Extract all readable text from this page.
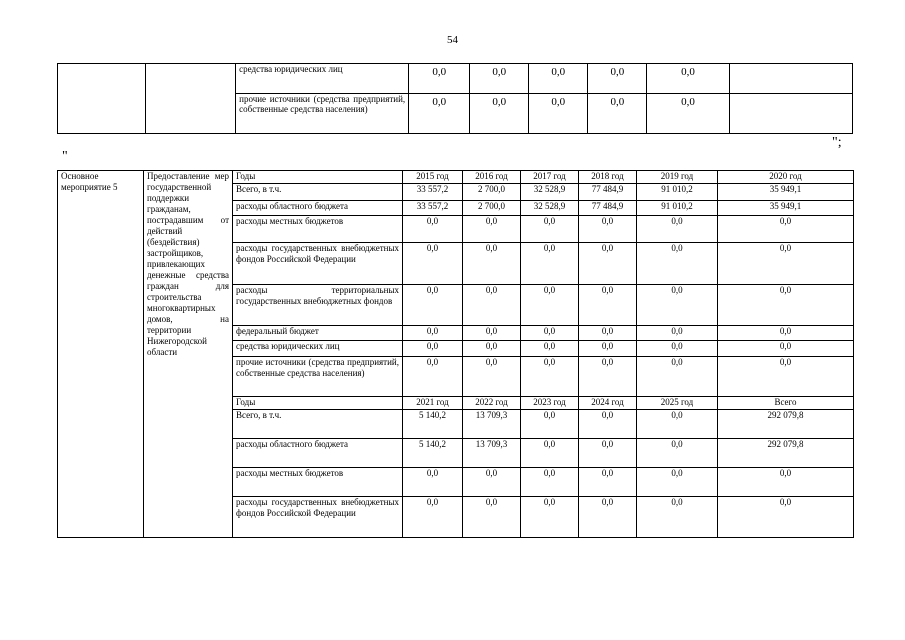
54
		средства юридических лиц	0,0	0,0	0,0	0,0	0,0	
		прочие источники (средства предприятий, собственные средства населения)	0,0	0,0	0,0	0,0	0,0	
";
"
Основное мероприятие 5	Предоставление мер государственной поддержки гражданам, пострадавшим от действий (бездействия) застройщиков, привлекающих денежные средства граждан для строительства многоквартирных домов, на территории Нижегородской области	Годы	2015 год	2016 год	2017 год	2018 год	2019 год	2020 год
		Всего, в т.ч.	33 557,2	2 700,0	32 528,9	77 484,9	91 010,2	35 949,1
		расходы областного бюджета	33 557,2	2 700,0	32 528,9	77 484,9	91 010,2	35 949,1
		расходы местных бюджетов	0,0	0,0	0,0	0,0	0,0	0,0
		расходы государственных внебюджетных фондов Российской Федерации	0,0	0,0	0,0	0,0	0,0	0,0
		расходы территориальных государственных внебюджетных фондов	0,0	0,0	0,0	0,0	0,0	0,0
		федеральный бюджет	0,0	0,0	0,0	0,0	0,0	0,0
		средства юридических лиц	0,0	0,0	0,0	0,0	0,0	0,0
		прочие источники (средства предприятий, собственные средства населения)	0,0	0,0	0,0	0,0	0,0	0,0
		Годы	2021 год	2022 год	2023 год	2024 год	2025 год	Всего
		Всего, в т.ч.	5 140,2	13 709,3	0,0	0,0	0,0	292 079,8
		расходы областного бюджета	5 140,2	13 709,3	0,0	0,0	0,0	292 079,8
		расходы местных бюджетов	0,0	0,0	0,0	0,0	0,0	0,0
		расходы государственных внебюджетных фондов Российской Федерации	0,0	0,0	0,0	0,0	0,0	0,0
